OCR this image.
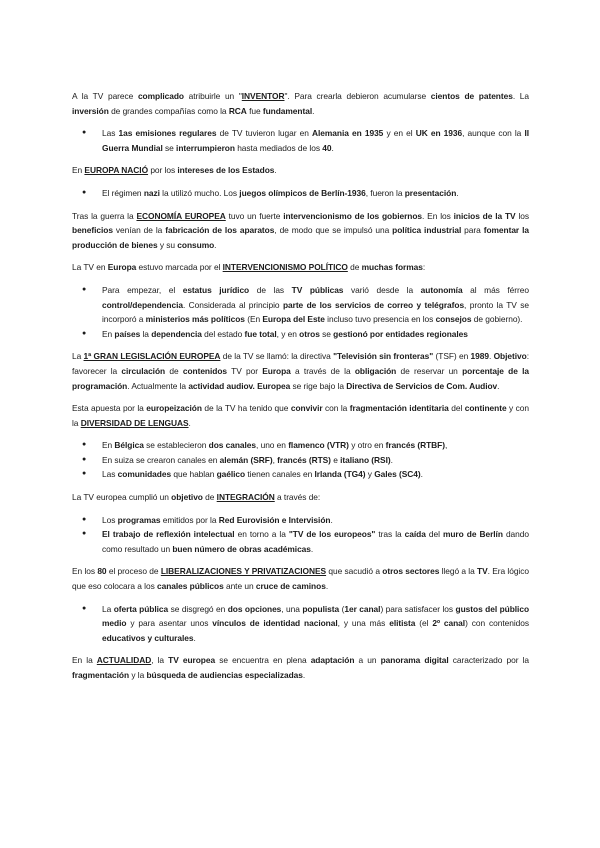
A la TV parece complicado atribuirle un "INVENTOR". Para crearla debieron acumularse cientos de patentes. La inversión de grandes compañías como la RCA fue fundamental.

● Las 1as emisiones regulares de TV tuvieron lugar en Alemania en 1935 y en el UK en 1936, aunque con la II Guerra Mundial se interrumpieron hasta mediados de los 40.

En EUROPA NACIÓ por los intereses de los Estados.

● El régimen nazi la utilizó mucho. Los juegos olímpicos de Berlín-1936, fueron la presentación.

Tras la guerra la ECONOMÍA EUROPEA tuvo un fuerte intervencionismo de los gobiernos. En los inicios de la TV los beneficios venían de la fabricación de los aparatos, de modo que se impulsó una política industrial para fomentar la producción de bienes y su consumo.

La TV en Europa estuvo marcada por el INTERVENCIONISMO POLÍTICO de muchas formas:

● Para empezar, el estatus jurídico de las TV públicas varió desde la autonomía al más férreo control/dependencia. Considerada al principio parte de los servicios de correo y telégrafos, pronto la TV se incorporó a ministerios más políticos (En Europa del Este incluso tuvo presencia en los consejos de gobierno).
● En países la dependencia del estado fue total, y en otros se gestionó por entidades regionales

La 1ª GRAN LEGISLACIÓN EUROPEA de la TV se llamó: la directiva "Televisión sin fronteras" (TSF) en 1989. Objetivo: favorecer la circulación de contenidos TV por Europa a través de la obligación de reservar un porcentaje de la programación. Actualmente la actividad audiov. Europea se rige bajo la Directiva de Servicios de Com. Audiov.

Esta apuesta por la europeización de la TV ha tenido que convivir con la fragmentación identitaria del continente y con la DIVERSIDAD DE LENGUAS.

● En Bélgica se establecieron dos canales, uno en flamenco (VTR) y otro en francés (RTBF),
● En suiza se crearon canales en alemán (SRF), francés (RTS) e italiano (RSI).
● Las comunidades que hablan gaélico tienen canales en Irlanda (TG4) y Gales (SC4).

La TV europea cumplió un objetivo de INTEGRACIÓN a través de:

● Los programas emitidos por la Red Eurovisión e Intervisión.
● El trabajo de reflexión intelectual en torno a la "TV de los europeos" tras la caída del muro de Berlín dando como resultado un buen número de obras académicas.

En los 80 el proceso de LIBERALIZACIONES Y PRIVATIZACIONES que sacudió a otros sectores llegó a la TV. Era lógico que eso colocara a los canales públicos ante un cruce de caminos.

● La oferta pública se disgregó en dos opciones, una populista (1er canal) para satisfacer los gustos del público medio y para asentar unos vínculos de identidad nacional, y una más elitista (el 2º canal) con contenidos educativos y culturales.

En la ACTUALIDAD, la TV europea se encuentra en plena adaptación a un panorama digital caracterizado por la fragmentación y la búsqueda de audiencias especializadas.
